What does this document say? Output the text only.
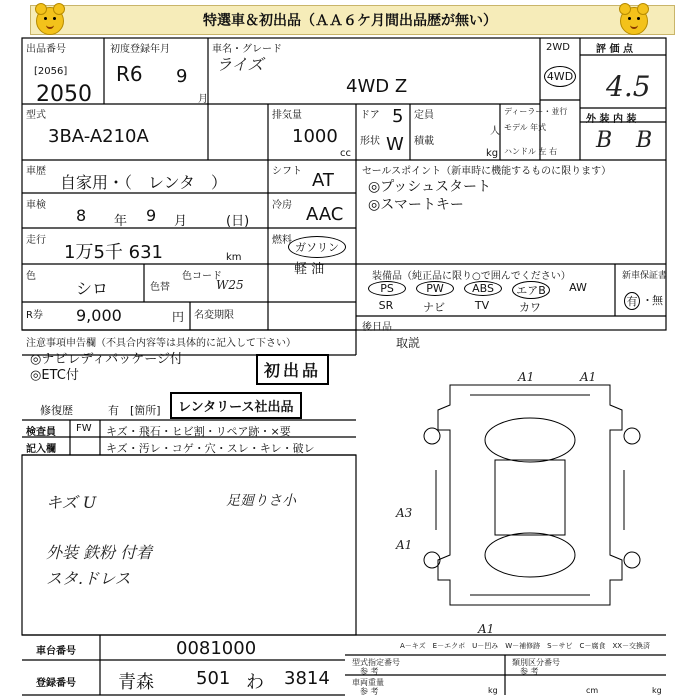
特選車＆初出品（ＡＡ６ケ月間出品歴が無い）
出品番号
[2056]
2050
初度登録年月
R6 9
月
車名・グレード
ライズ
4WD Z
2WD
4WD
評 価 点
4.5
外 装 内 装
B B
型式
3BA-A210A
排気量
1000
cc
ドア 5
形状 W
定員
人
積載
kg
ディーラー・並行
モデル 年式
ハンドル 左 右
車歴
自家用・（　レンタ　）
シフト AT	セールスポイント（新車時に機能するものに限ります）
◎プッシュスタート
◎スマートキー
車検
8 年 9 月	(日)
冷房 AAC
走行
1万5千 631	km
燃料
ガソリン
軽 油
色
シロ	色替
色コード
W25
R券 9,000	円 名変期限
装備品（純正品に限り○で囲んでください）
PS	PW	ABS	エアB	AW
SR	ナビ	TV	カワ
新車保証書
有 ・ 無
後日品
取説
注意事項申告欄（不具合内容等は具体的に記入して下さい）
◎ナビレディパッケージ付
◎ETC付	初出品
修復歴	有 [箇所]	レンタリース社出品
検査員
記入欄
FW キズ・飛石・ヒビ割・リペア跡・×要
キズ・汚レ・コゲ・穴・スレ・キレ・破レ
キズ U	足廻りさ小
外装 鉄粉 付着
スタ.ドレス
A1	A1
A3
A1
A1
A－キズ　E－エクボ　U－凹み　W－補修跡　S－サビ　C－腐食　XX－交換済
車台番号	0081000
登録番号 青森 501 わ 3814
型式指定番号
参 考
類別区分番号
参 考
車両重量
参 考	kg	cm	kg
